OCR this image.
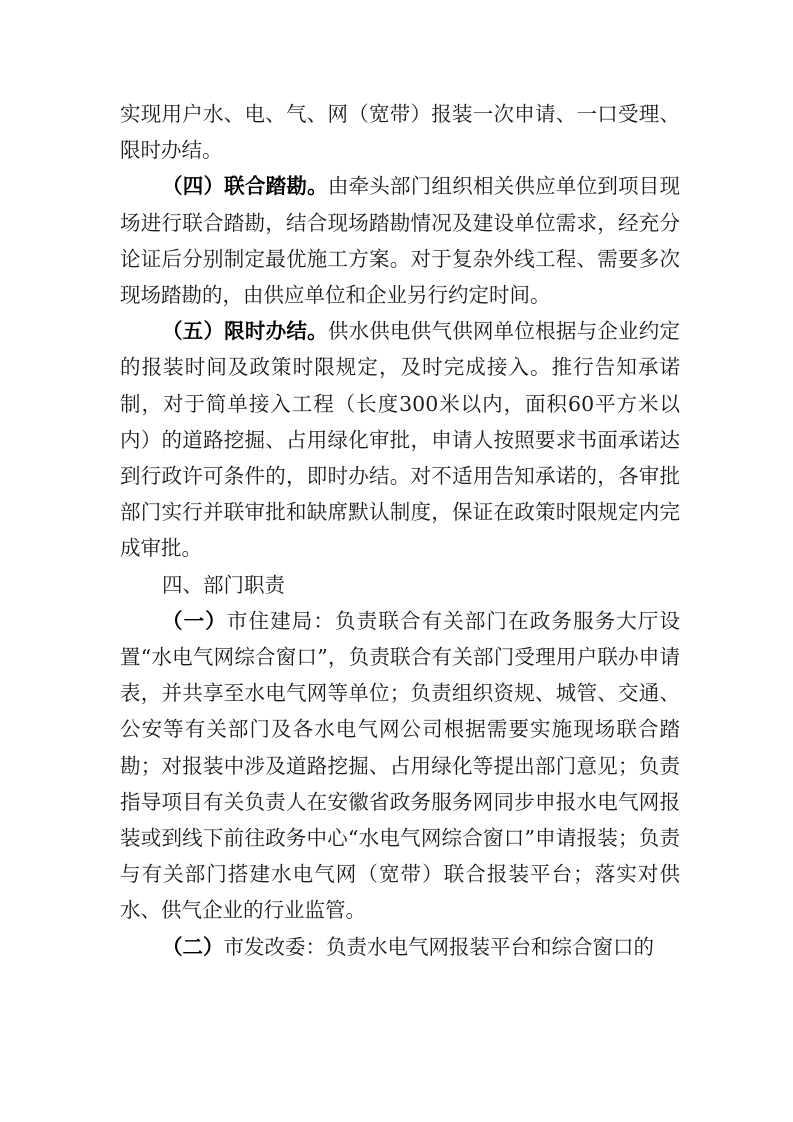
实现用户水、电、气、网（宽带）报装一次申请、一口受理、限时办结。

（四）联合踏勘。由牵头部门组织相关供应单位到项目现场进行联合踏勘，结合现场踏勘情况及建设单位需求，经充分论证后分别制定最优施工方案。对于复杂外线工程、需要多次现场踏勘的，由供应单位和企业另行约定时间。

（五）限时办结。供水供电供气供网单位根据与企业约定的报装时间及政策时限规定，及时完成接入。推行告知承诺制，对于简单接入工程（长度300米以内，面积60平方米以内）的道路挖掘、占用绿化审批，申请人按照要求书面承诺达到行政许可条件的，即时办结。对不适用告知承诺的，各审批部门实行并联审批和缺席默认制度，保证在政策时限规定内完成审批。

四、部门职责

（一）市住建局：负责联合有关部门在政务服务大厅设置“水电气网综合窗口”，负责联合有关部门受理用户联办申请表，并共享至水电气网等单位；负责组织资规、城管、交通、公安等有关部门及各水电气网公司根据需要实施现场联合踏勘；对报装中涉及道路挖掘、占用绿化等提出部门意见；负责指导项目有关负责人在安徽省政务服务网同步申报水电气网报装或到线下前往政务中心“水电气网综合窗口”申请报装；负责与有关部门搭建水电气网（宽带）联合报装平台；落实对供水、供气企业的行业监管。

（二）市发改委：负责水电气网报装平台和综合窗口的
